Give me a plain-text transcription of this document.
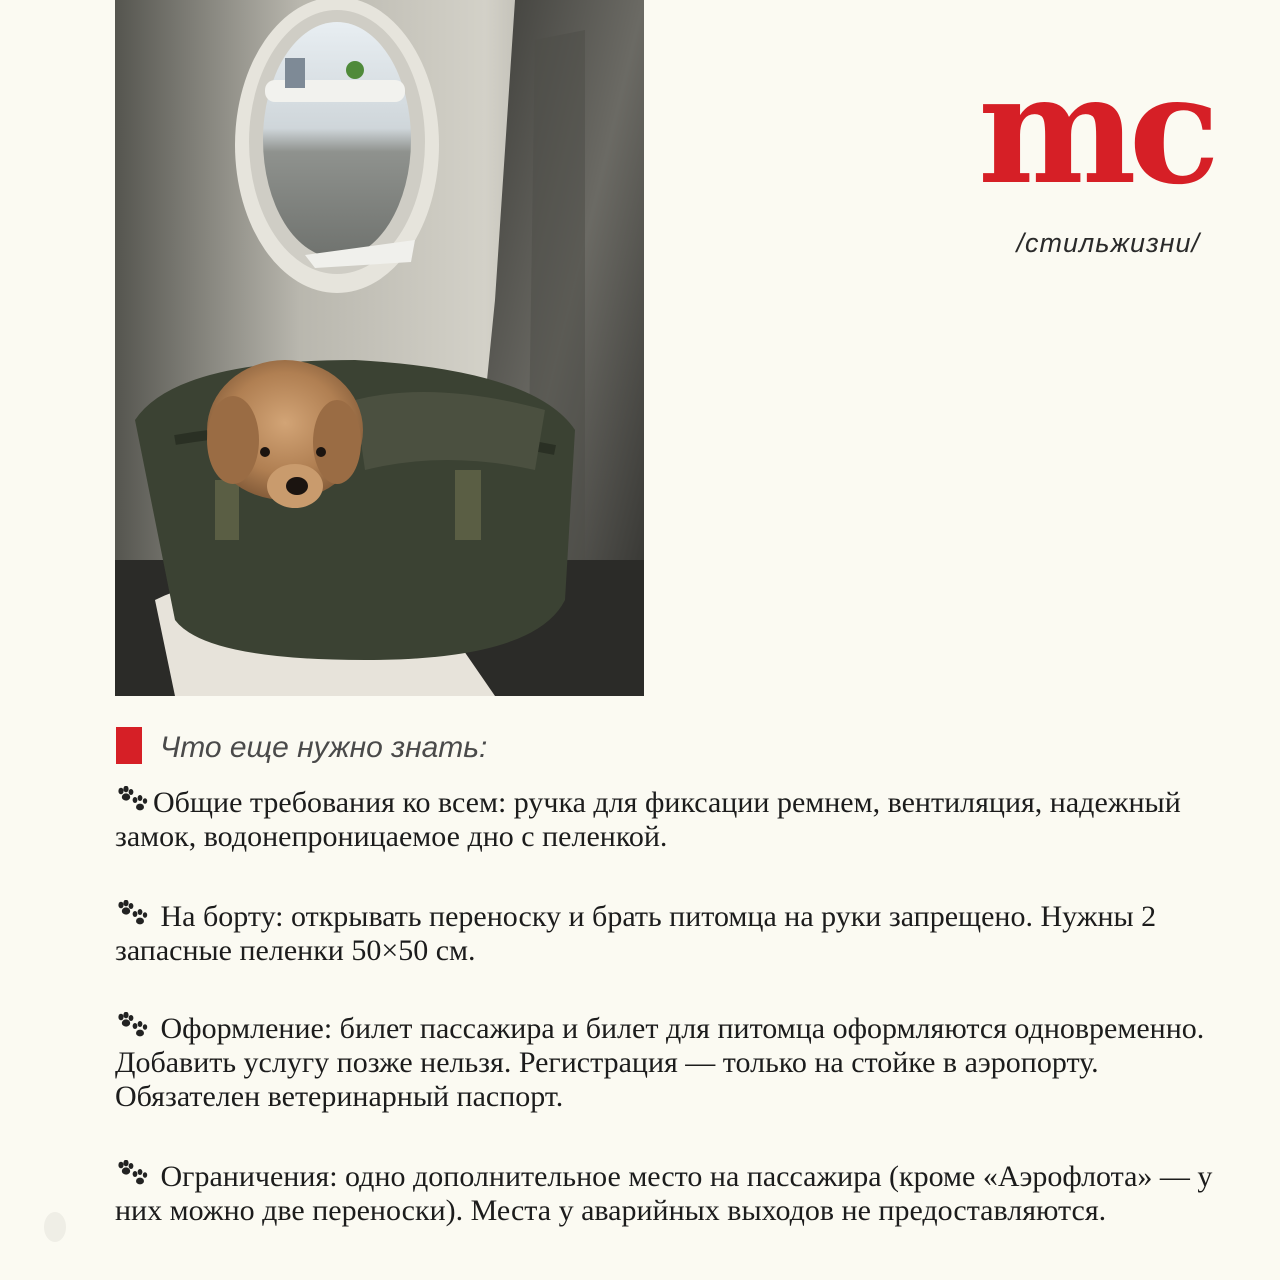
mc
/стильжизни/
Что еще нужно знать:
Общие требования ко всем: ручка для фиксации ремнем, вентиляция, надежный замок, водонепроницаемое дно с пеленкой.
На борту: открывать переноску и брать питомца на руки запрещено. Нужны 2 запасные пеленки 50×50 см.
Оформление: билет пассажира и билет для питомца оформляются одновременно. Добавить услугу позже нельзя. Регистрация — только на стойке в аэропорту. Обязателен ветеринарный паспорт.
Ограничения: одно дополнительное место на пассажира (кроме «Аэрофлота» — у них можно две переноски). Места у аварийных выходов не предоставляются.
